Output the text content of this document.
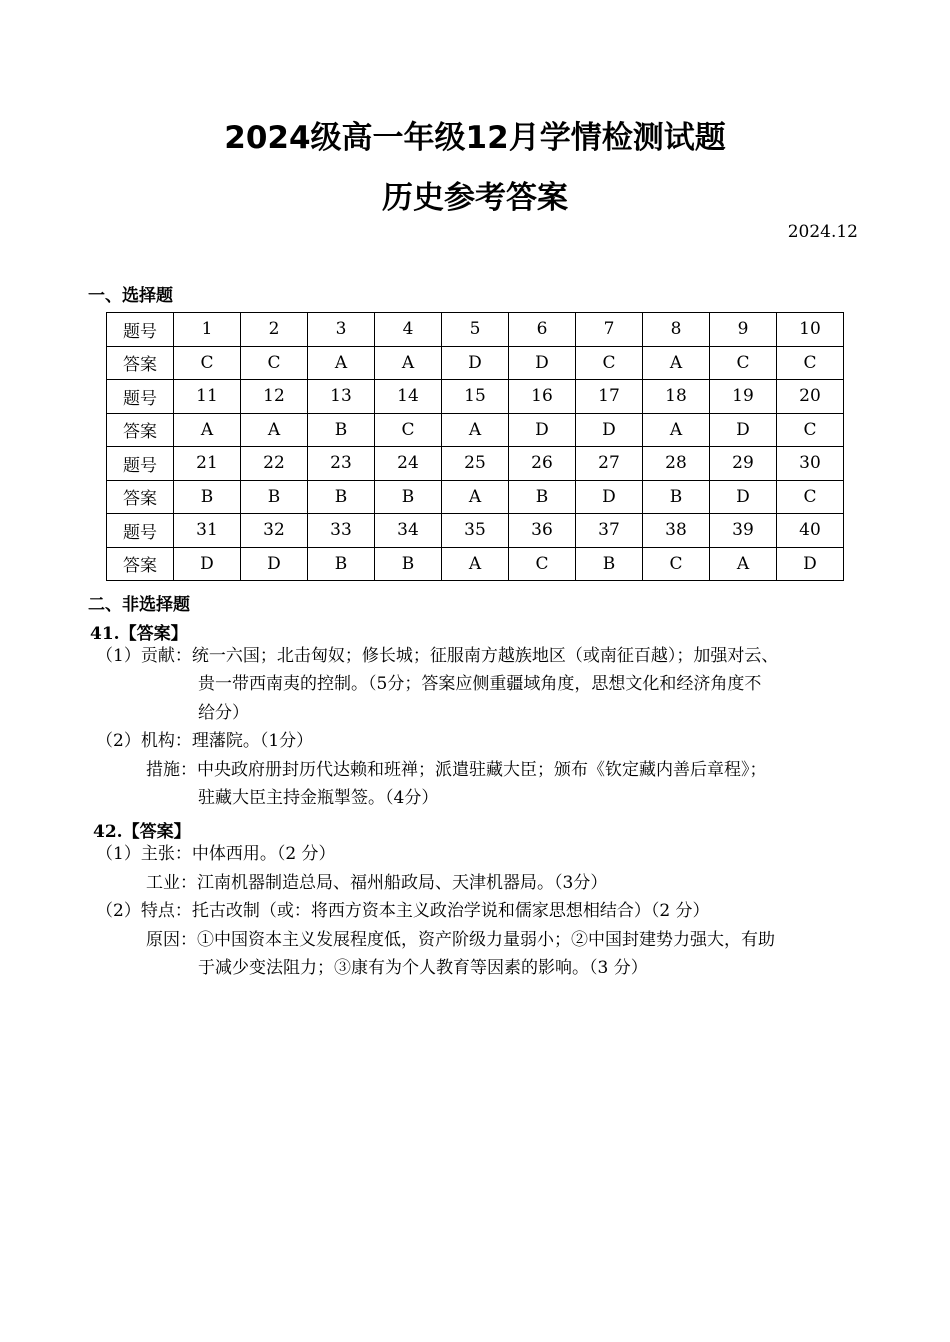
2024级高一年级12月学情检测试题
历史参考答案
2024.12
一、选择题
题号	1	2	3	4	5	6	7	8	9	10
答案	C	C	A	A	D	D	C	A	C	C
题号	11	12	13	14	15	16	17	18	19	20
答案	A	A	B	C	A	D	D	A	D	C
题号	21	22	23	24	25	26	27	28	29	30
答案	B	B	B	B	A	B	D	B	D	C
题号	31	32	33	34	35	36	37	38	39	40
答案	D	D	B	B	A	C	B	C	A	D
二、非选择题
41.【答案】
（1）贡献：统一六国；北击匈奴；修长城；征服南方越族地区（或南征百越）；加强对云、
贵一带西南夷的控制。（5分；答案应侧重疆域角度，思想文化和经济角度不
给分）
（2）机构：理藩院。（1分）
措施：中央政府册封历代达赖和班禅；派遣驻藏大臣；颁布《钦定藏内善后章程》；
驻藏大臣主持金瓶掣签。（4分）
42.【答案】
（1）主张：中体西用。（2 分）
工业：江南机器制造总局、福州船政局、天津机器局。（3分）
（2）特点：托古改制（或：将西方资本主义政治学说和儒家思想相结合）（2 分）
原因：①中国资本主义发展程度低，资产阶级力量弱小；②中国封建势力强大，有助
于减少变法阻力；③康有为个人教育等因素的影响。（3 分）
